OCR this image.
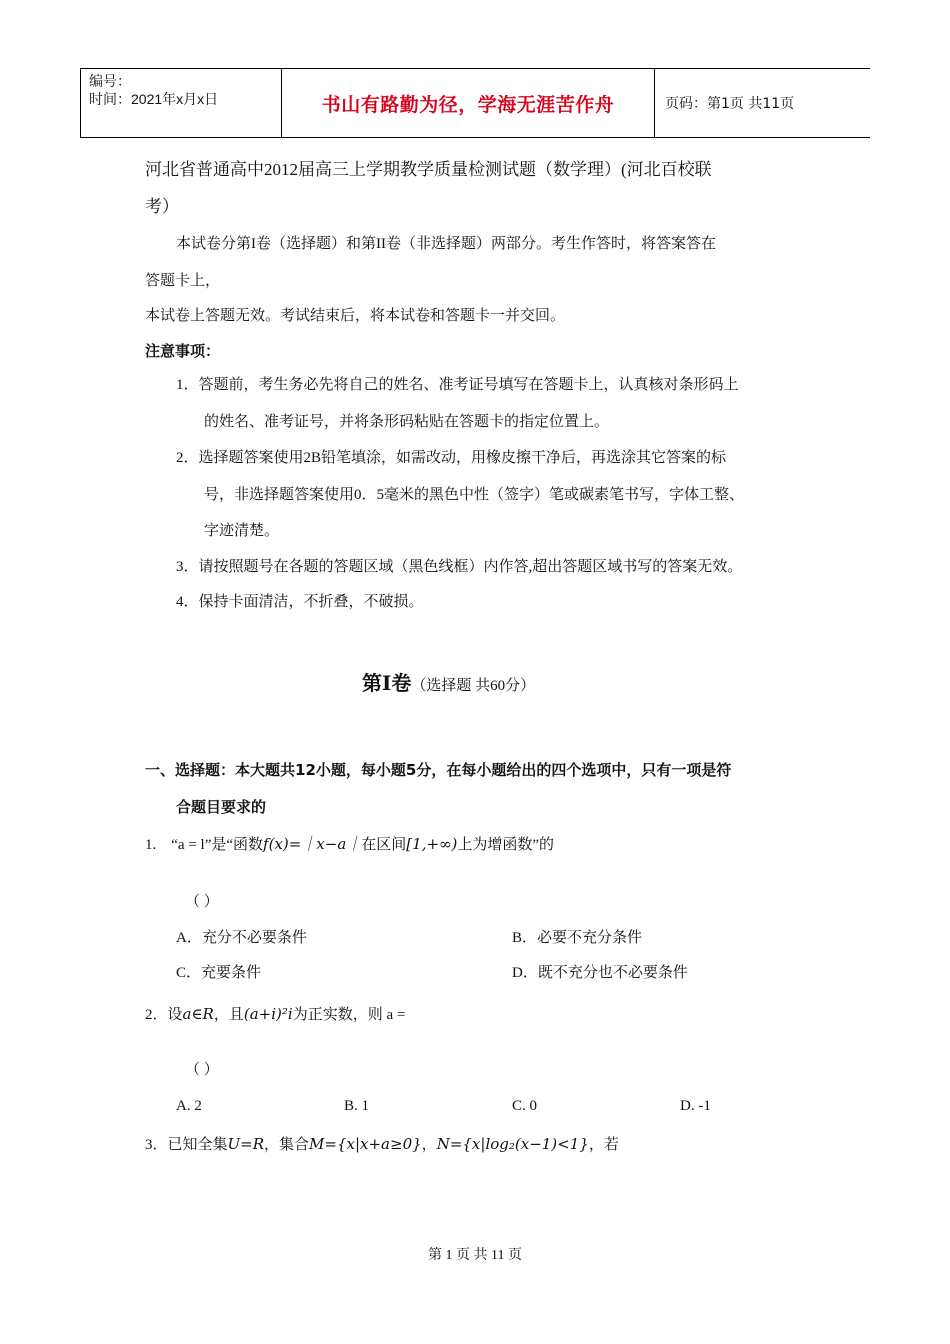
编号：
时间：2021年x月x日	书山有路勤为径，学海无涯苦作舟	页码：第1页 共11页
河北省普通高中2012届高三上学期教学质量检测试题（数学理）(河北百校联
考）
本试卷分第I卷（选择题）和第II卷（非选择题）两部分。考生作答时，将答案答在
答题卡上，
本试卷上答题无效。考试结束后，将本试卷和答题卡一并交回。
注意事项：
1．答题前，考生务必先将自己的姓名、准考证号填写在答题卡上，认真核对条形码上
的姓名、准考证号，并将条形码粘贴在答题卡的指定位置上。
2．选择题答案使用2B铅笔填涂，如需改动，用橡皮擦干净后，再选涂其它答案的标
号，非选择题答案使用0．5毫米的黑色中性（签字）笔或碳素笔书写，字体工整、
字迹清楚。
3．请按照题号在各题的答题区域（黑色线框）内作答,超出答题区域书写的答案无效。
4．保持卡面清洁，不折叠，不破损。
第Ⅰ卷（选择题 共60分）
一、选择题：本大题共12小题，每小题5分，在每小题给出的四个选项中，只有一项是符
合题目要求的
1. “a = l”是“函数f(x)=｜x−a｜在区间[1,+∞)上为增函数”的
（ ）
A．充分不必要条件	B．必要不充分条件
C．充要条件	D．既不充分也不必要条件
2．设a∈R，且(a+i)²i为正实数，则 a =
（ ）
A. 2	B. 1	C. 0	D. -1
3．已知全集U=R，集合M={x|x+a≥0}，N={x|log₂(x−1)<1}，若
第 1 页 共 11 页
